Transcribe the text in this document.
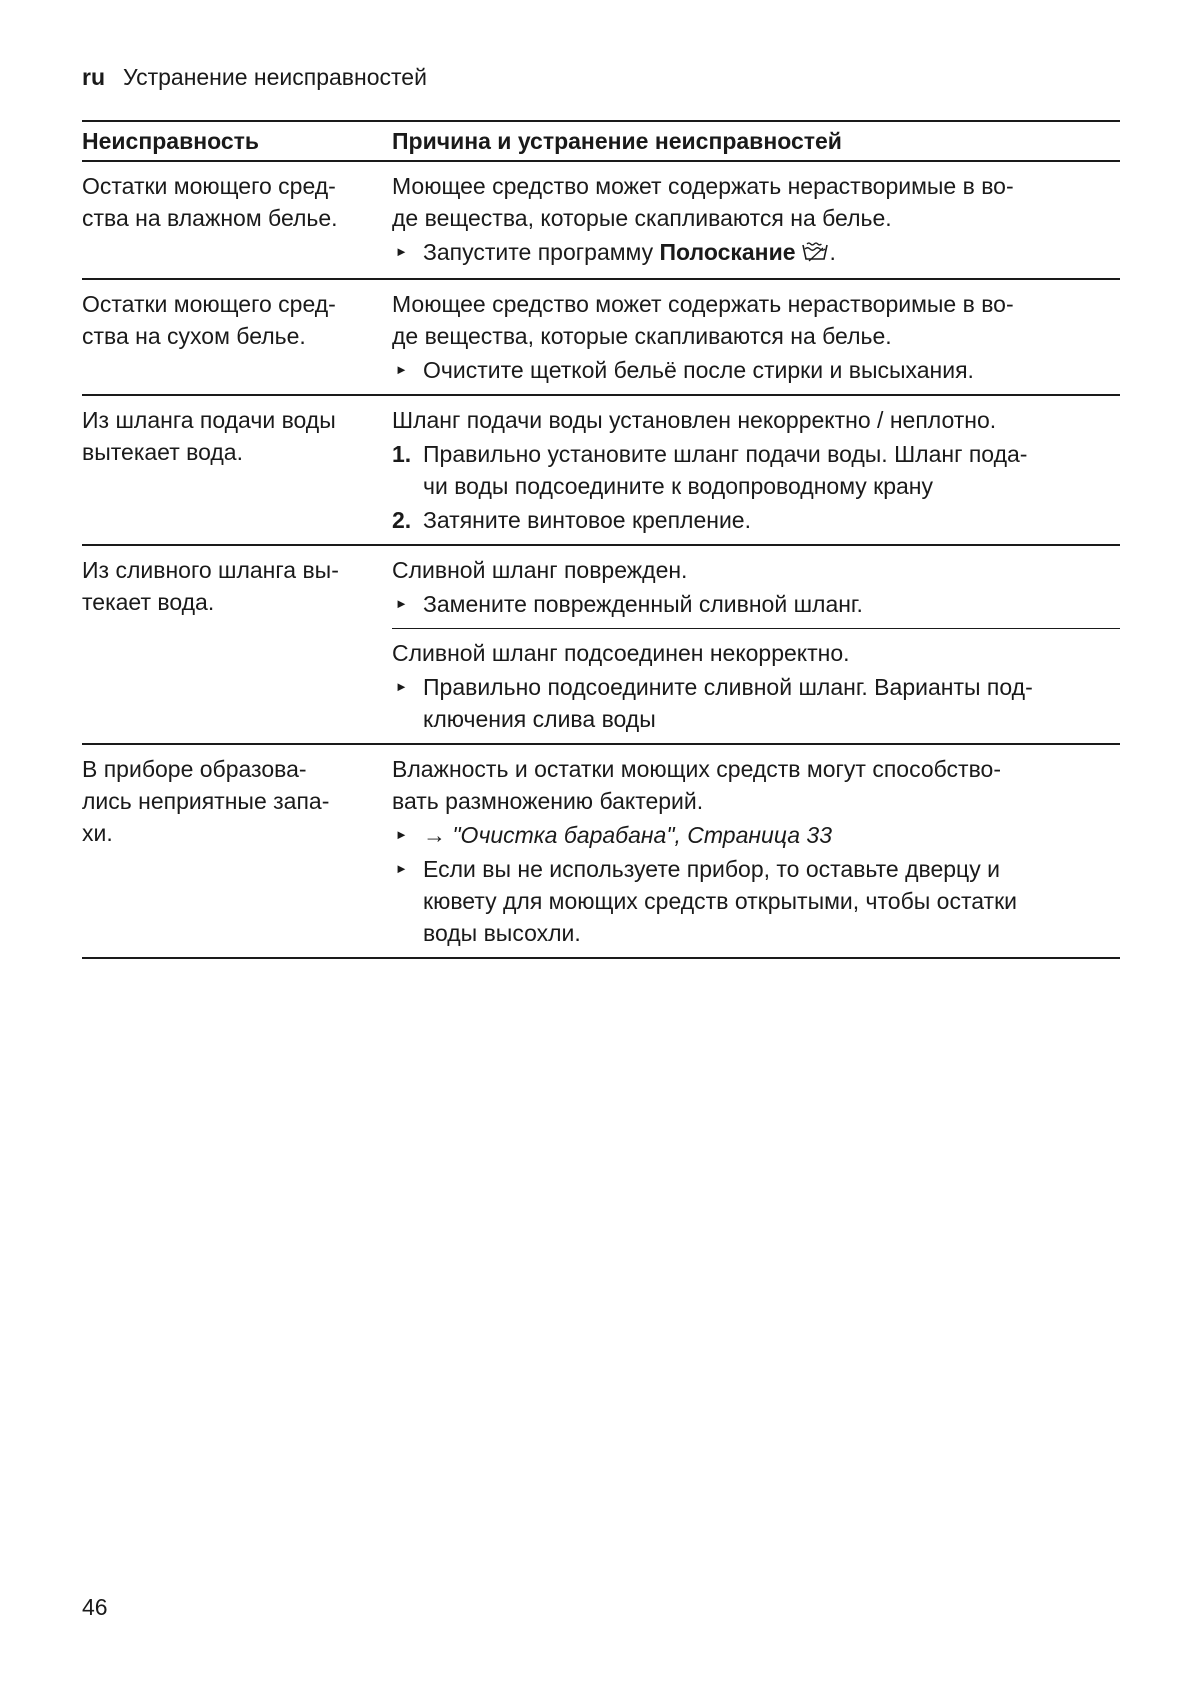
ru Устранение неисправностей
Неисправность	Причина и устранение неисправностей
Остатки моющего сред-
ства на влажном белье.
Моющее средство может содержать нерастворимые в во-
де вещества, которые скапливаются на белье.
► Запустите программу Полоскание .
Остатки моющего сред-
ства на сухом белье.
Моющее средство может содержать нерастворимые в во-
де вещества, которые скапливаются на белье.
► Очистите щеткой бельё после стирки и высыхания.
Из шланга подачи воды
вытекает вода.
Шланг подачи воды установлен некорректно / неплотно.
1. Правильно установите шланг подачи воды. Шланг пода-
чи воды подсоедините к водопроводному крану
2. Затяните винтовое крепление.
Из сливного шланга вы-
текает вода.
Сливной шланг поврежден.
► Замените поврежденный сливной шланг.
Сливной шланг подсоединен некорректно.
► Правильно подсоедините сливной шланг. Варианты под-
ключения слива воды
В приборе образова-
лись неприятные запа-
хи.
Влажность и остатки моющих средств могут способство-
вать размножению бактерий.
► → "Очистка барабана", Страница 33
► Если вы не используете прибор, то оставьте дверцу и
кювету для моющих средств открытыми, чтобы остатки
воды высохли.
46
